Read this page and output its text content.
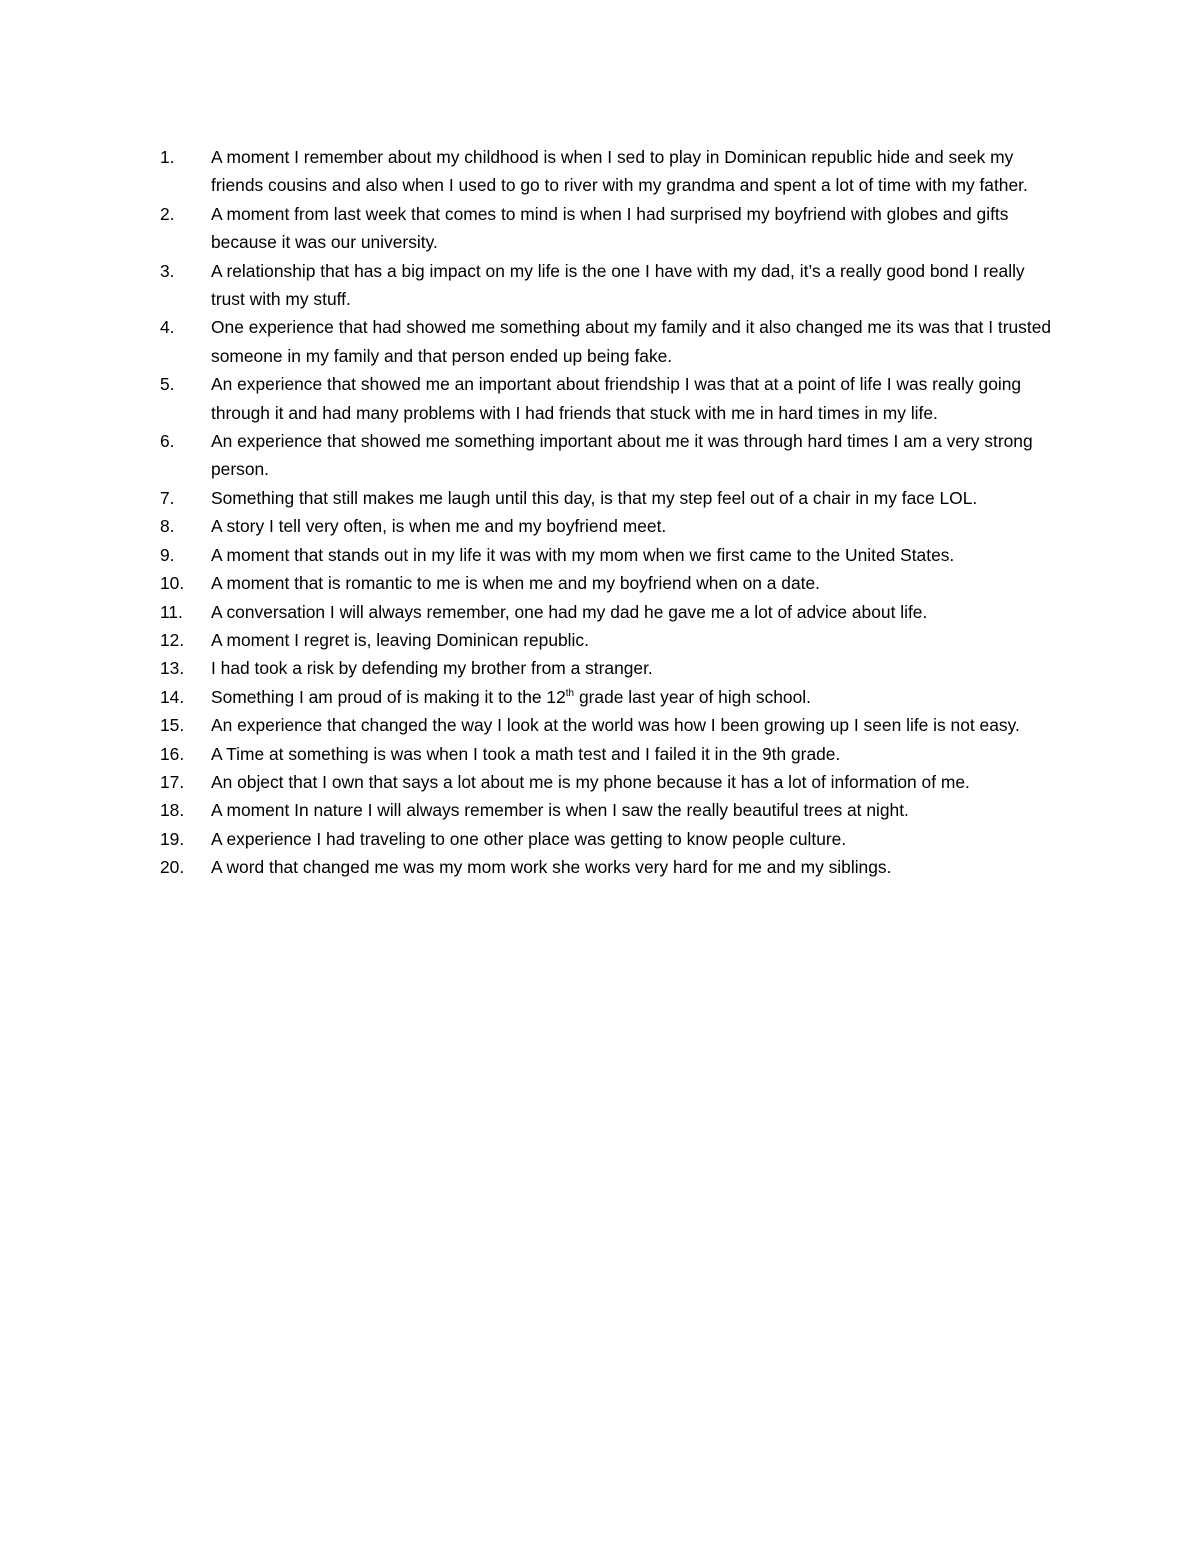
1.	A moment I remember about my childhood is when I sed to play in Dominican republic hide and seek my friends cousins and also when I used to go to river with my grandma and spent a lot of time with my father.
2.	A moment from last week that comes to mind is when I had surprised my boyfriend with globes and gifts because it was our university.
3.	A relationship that has a big impact on my life is the one I have with my dad, it’s a really good bond I really trust with my stuff.
4.	One experience that had showed me something about my family and it also changed me its was that I trusted someone in my family and that person ended up being fake.
5.	An experience that showed me an important about friendship I was that at a point of life I was really going through it and had many problems with I had friends that stuck with me in hard times in my life.
6.	An experience that showed me something important about me it was through hard times I am a very strong person.
7.	Something that still makes me laugh until this day, is that my step feel out of a chair in my face LOL.
8.	A story I tell very often, is when me and my boyfriend meet.
9.	A moment that stands out in my life it was with my mom when we first came to the United States.
10.	A moment that is romantic to me is when me and my boyfriend when on a date.
11.	A conversation I will always remember, one had my dad he gave me a lot of advice about life.
12.	A moment I regret is, leaving Dominican republic.
13.	I had took a risk by defending my brother from a stranger.
14.	Something I am proud of is making it to the 12th grade last year of high school.
15.	An experience that changed the way I look at the world was how I been growing up I seen life is not easy.
16.	A Time at something is was when I took a math test and I failed it in the 9th grade.
17.	An object that I own that says a lot about me is my phone because it has a lot of information of me.
18.	A moment In nature I will always remember is when I saw the really beautiful trees at night.
19.	A experience I had traveling to one other place was getting to know people culture.
20.	A word that changed me was my mom work she works very hard for me and my siblings.
